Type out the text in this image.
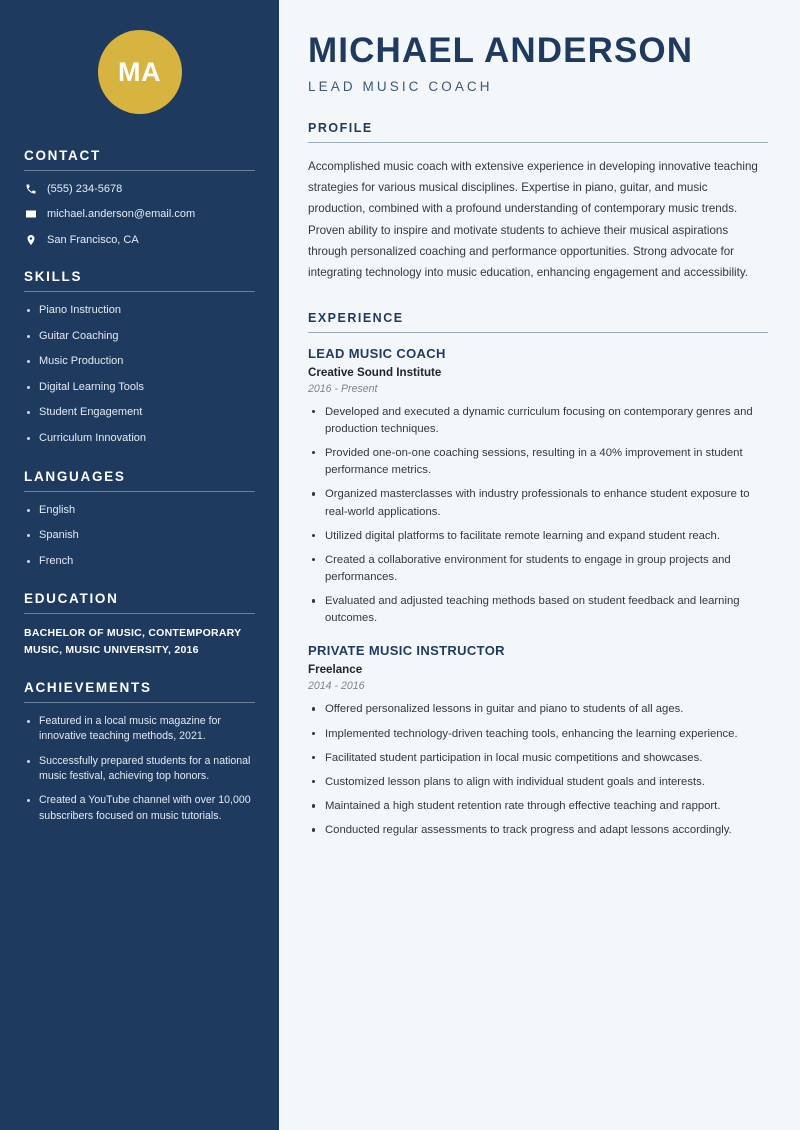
MA
CONTACT
(555) 234-5678
michael.anderson@email.com
San Francisco, CA
SKILLS
Piano Instruction
Guitar Coaching
Music Production
Digital Learning Tools
Student Engagement
Curriculum Innovation
LANGUAGES
English
Spanish
French
EDUCATION
BACHELOR OF MUSIC, CONTEMPORARY MUSIC, MUSIC UNIVERSITY, 2016
ACHIEVEMENTS
Featured in a local music magazine for innovative teaching methods, 2021.
Successfully prepared students for a national music festival, achieving top honors.
Created a YouTube channel with over 10,000 subscribers focused on music tutorials.
MICHAEL ANDERSON
LEAD MUSIC COACH
PROFILE

Accomplished music coach with extensive experience in developing innovative teaching strategies for various musical disciplines. Expertise in piano, guitar, and music production, combined with a profound understanding of contemporary music trends. Proven ability to inspire and motivate students to achieve their musical aspirations through personalized coaching and performance opportunities. Strong advocate for integrating technology into music education, enhancing engagement and accessibility.

EXPERIENCE
LEAD MUSIC COACH
Creative Sound Institute
2016 - Present
Developed and executed a dynamic curriculum focusing on contemporary genres and production techniques.
Provided one-on-one coaching sessions, resulting in a 40% improvement in student performance metrics.
Organized masterclasses with industry professionals to enhance student exposure to real-world applications.
Utilized digital platforms to facilitate remote learning and expand student reach.
Created a collaborative environment for students to engage in group projects and performances.
Evaluated and adjusted teaching methods based on student feedback and learning outcomes.
PRIVATE MUSIC INSTRUCTOR
Freelance
2014 - 2016
Offered personalized lessons in guitar and piano to students of all ages.
Implemented technology-driven teaching tools, enhancing the learning experience.
Facilitated student participation in local music competitions and showcases.
Customized lesson plans to align with individual student goals and interests.
Maintained a high student retention rate through effective teaching and rapport.
Conducted regular assessments to track progress and adapt lessons accordingly.
